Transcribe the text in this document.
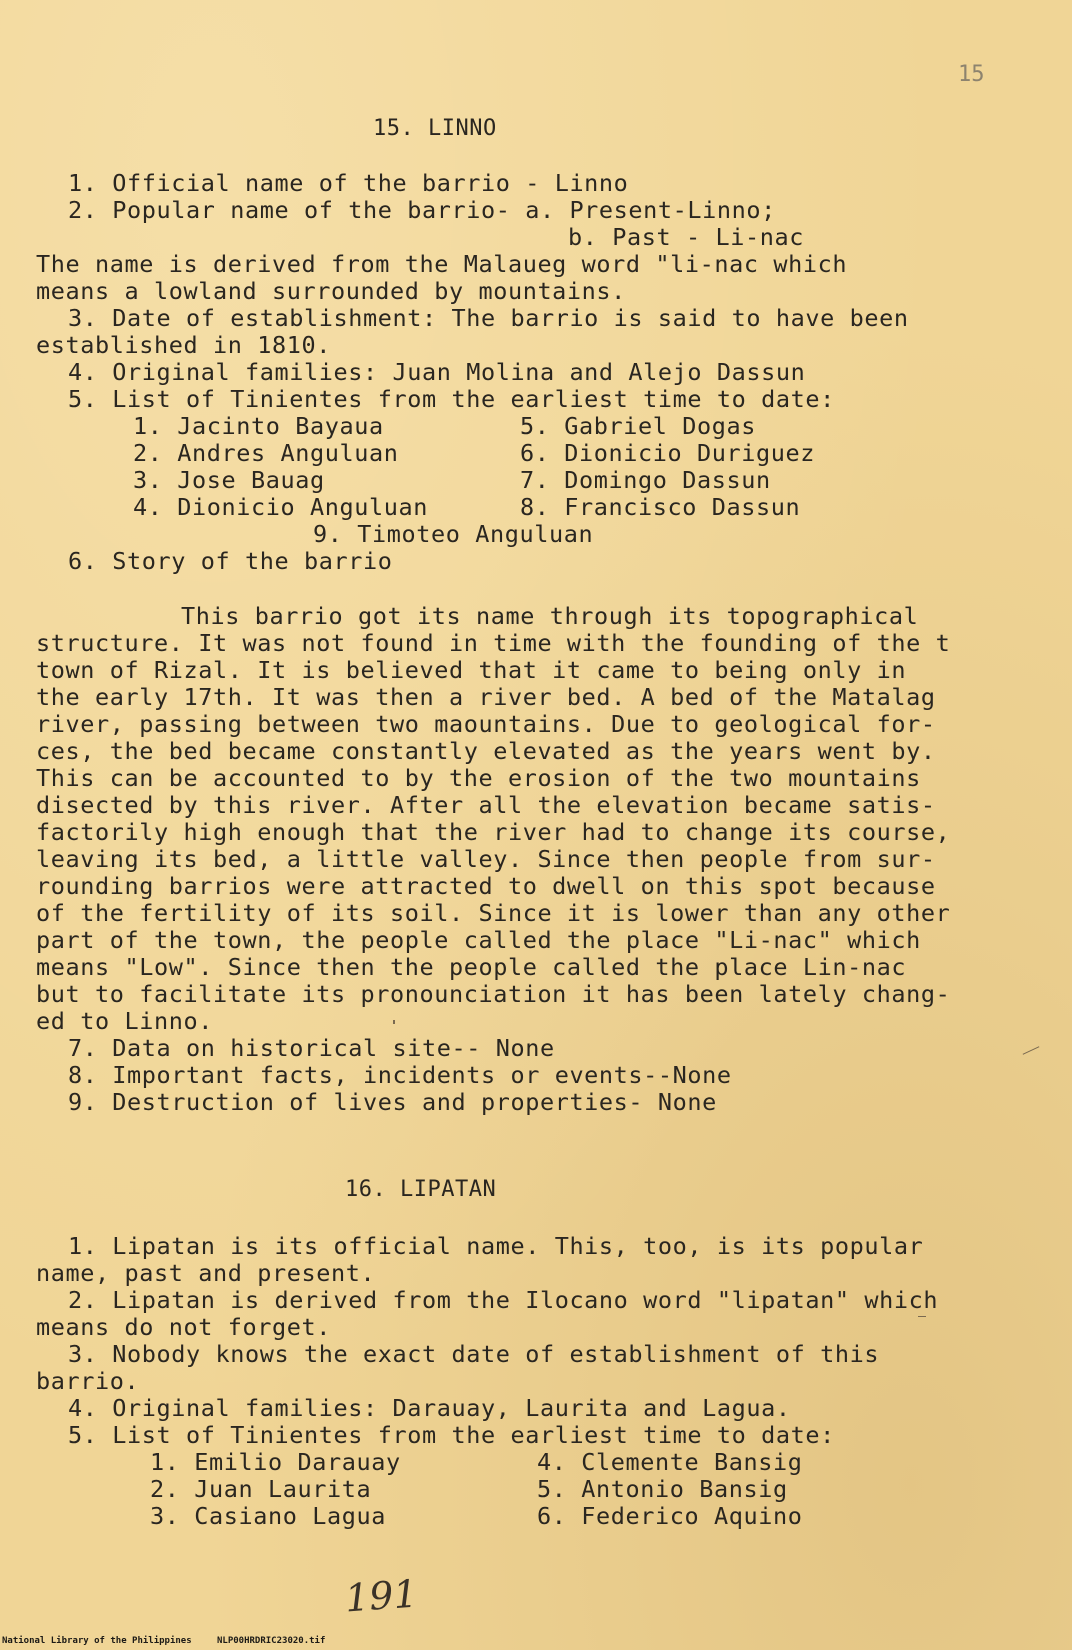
15
15. LINNO
1. Official name of the barrio - Linno
2. Popular name of the barrio- a. Present-Linno;
b. Past - Li-nac
The name is derived from the Malaueg word "li-nac which
means a lowland surrounded by mountains.
3. Date of establishment: The barrio is said to have been
established in 1810.
4. Original families: Juan Molina and Alejo Dassun
5. List of Tinientes from the earliest time to date:
1. Jacinto Bayaua
2. Andres Anguluan
3. Jose Bauag
4. Dionicio Anguluan
5. Gabriel Dogas
6. Dionicio Duriguez
7. Domingo Dassun
8. Francisco Dassun
9. Timoteo Anguluan
6. Story of the barrio
This barrio got its name through its topographical
structure. It was not found in time with the founding of the t
town of Rizal. It is believed that it came to being only in
the early 17th. It was then a river bed. A bed of the Matalag
river, passing between two maountains. Due to geological for-
ces, the bed became constantly elevated as the years went by.
This can be accounted to by the erosion of the two mountains
disected by this river. After all the elevation became satis-
factorily high enough that the river had to change its course,
leaving its bed, a little valley. Since then people from sur-
rounding barrios were attracted to dwell on this spot because
of the fertility of its soil. Since it is lower than any other
part of the town, the people called the place "Li-nac" which
means "Low". Since then the people called the place Lin-nac
but to facilitate its pronounciation it has been lately chang-
ed to Linno.
7. Data on historical site-- None
8. Important facts, incidents or events--None
9. Destruction of lives and properties- None
16. LIPATAN
1. Lipatan is its official name. This, too, is its popular
name, past and present.
2. Lipatan is derived from the Ilocano word "lipatan" which
means do not forget.
3. Nobody knows the exact date of establishment of this
barrio.
4. Original families: Darauay, Laurita and Lagua.
5. List of Tinientes from the earliest time to date:
1. Emilio Darauay
2. Juan Laurita
3. Casiano Lagua
4. Clemente Bansig
5. Antonio Bansig
6. Federico Aquino
191
National Library of the Philippines	NLP00HRDRIC23020.tif
